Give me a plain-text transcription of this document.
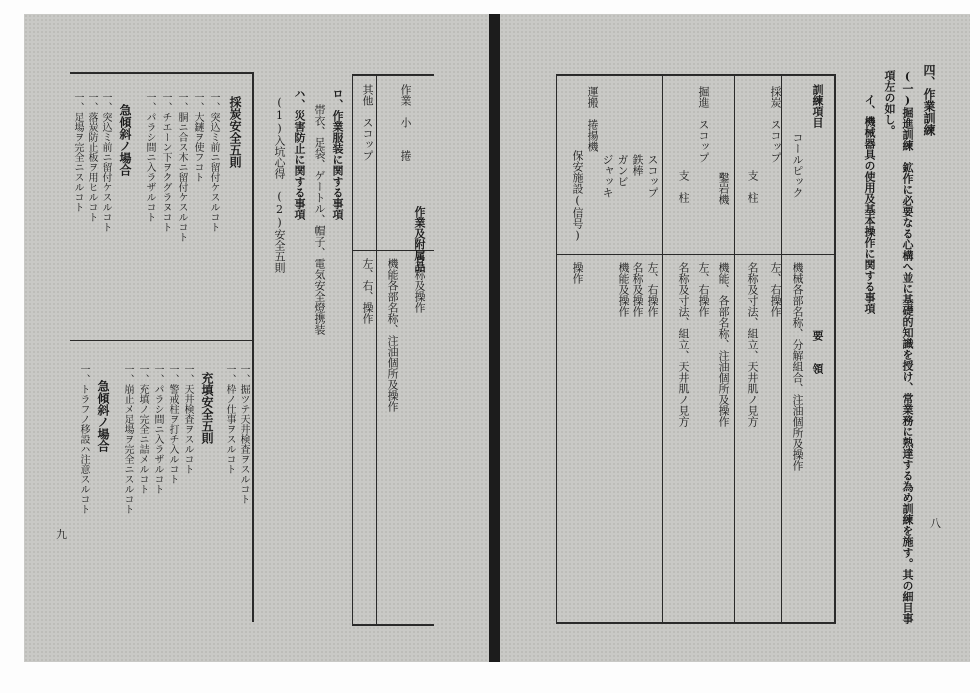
四、作業訓練
(一)掘進訓練　鉱作に必要なる心構へ並に基礎的知識を授け、常業務に熟達する為め訓練を施す。其の細目事
項左の如し。
イ、機械器具の使用及基本操作に関する事項
訓練項目
要　　領
コールピック
機械各部名称、分解組合、注油個所及操作
採炭　スコップ
左、右操作
支　柱
名称及寸法、組立、天井肌ノ見方
鑿岩機
機能、各部名称、注油個所及操作
掘進　スコップ
左、右操作
支　柱
名称及寸法、組立、天井肌ノ見方
スコップ
左、右操作
鉄棒
ガンビ
ジャッキ
機能及操作 名称及操作
運搬　捲揚機
保安施設(信号)
操作
八
作業及附属品
作業　小　　捲
名称及操作
機能各部名称、注油個所及操作
其他　スコップ
左、右、操作
ロ、作業服装に関する事項
帯衣、足袋、ゲートル、帽子、電気安全燈携装
ハ、災害防止に関する事項
(1)入坑心得　(2)安全五則
採炭安全五則
一、突込ミ前ニ留付ケスルコト
一、大鏈ヲ使フコト
一、胴ニ合ス木ニ留付ケスルコト
一、チエーン下ヲクグラヌコト
一、パラシ間ニ入ラザルコト
急傾斜ノ場合
一、突込ミ前ニ留付ケスルコト
一、落炭防止板ヲ用ヒルコト
一、足場ヲ完全ニスルコト
一、掘ツテ天井検査ヲスルコト
一、枠ノ仕事ヲスルコト
充填安全五則
一、天井検査ヲスルコト
一、警戒柱ヲ打チ入ルコト
一、パラシ間ニ入ラザルコト
一、充填ノ完全ニ詰メルコト
一、崩止メ足場ヲ完全ニスルコト
急傾斜ノ場合
一、トラフノ移設ハ注意スルコト
九
